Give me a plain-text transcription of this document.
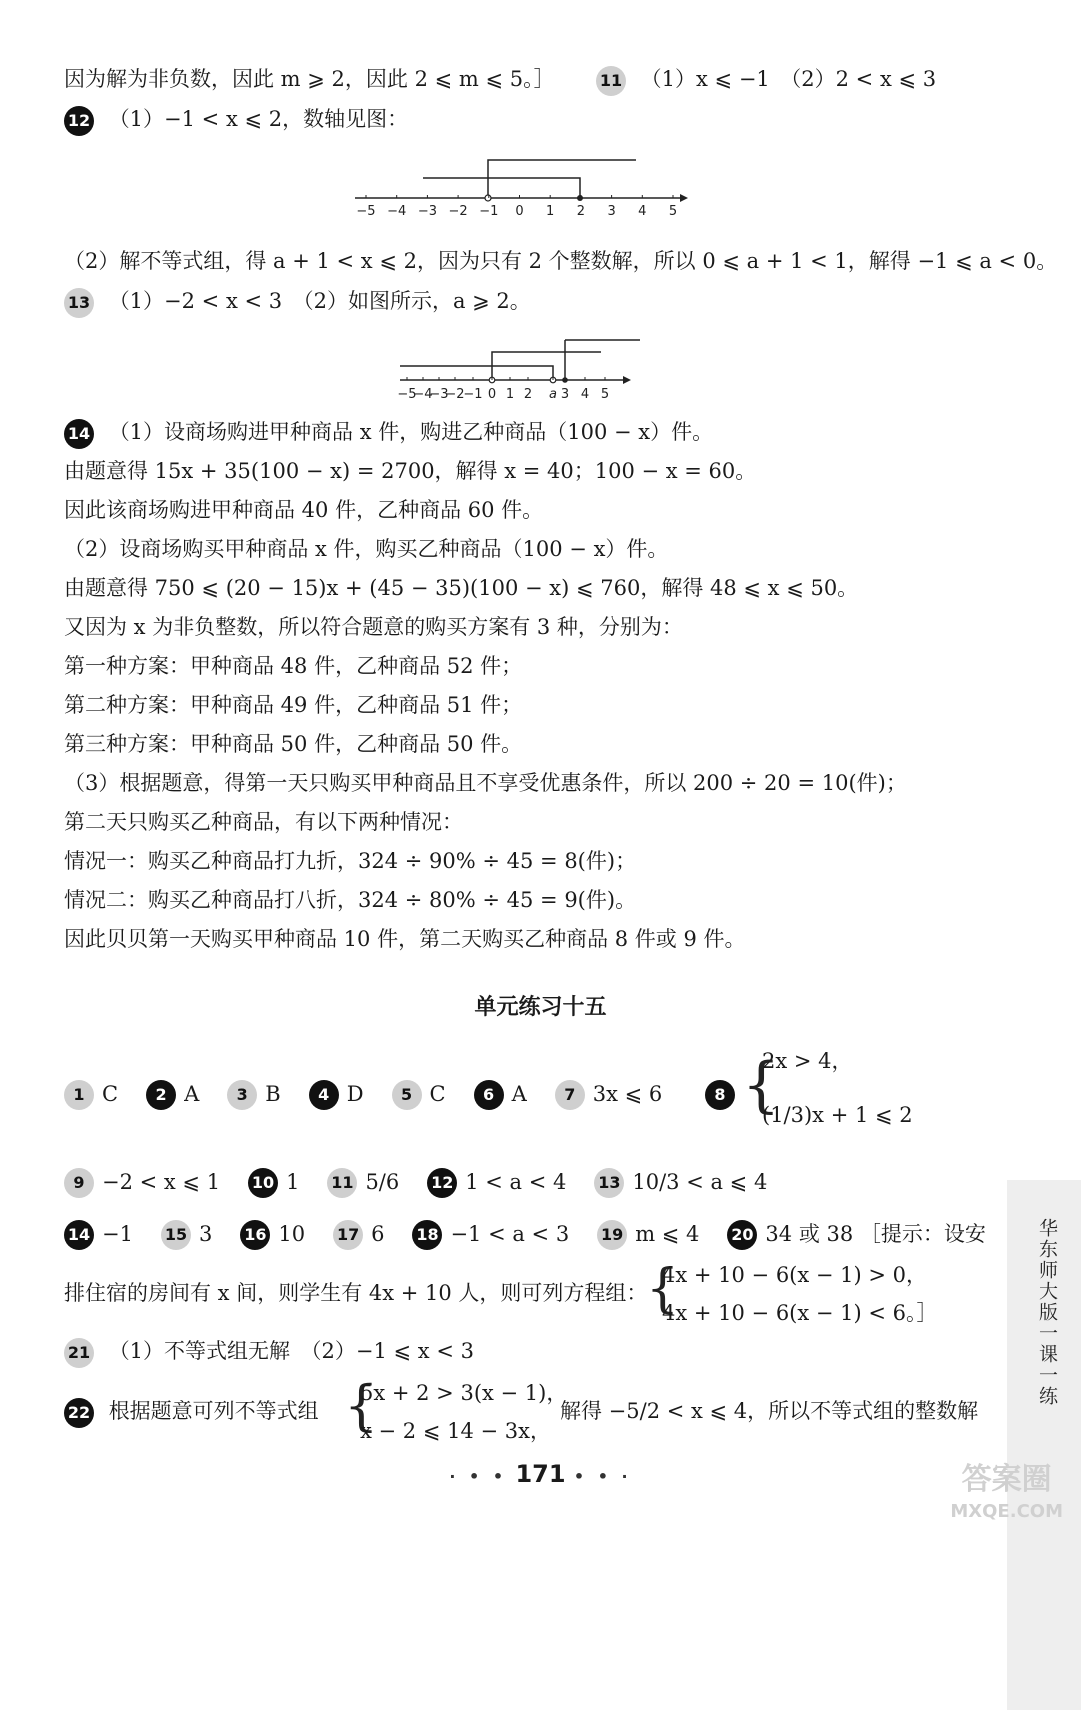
因为解为非负数，因此 m ⩾ 2，因此 2 ⩽ m ⩽ 5。］	11 （1）x ⩽ −1　（2）2 < x ⩽ 3
12 （1）−1 < x ⩽ 2，数轴见图：
−5 −4 −3 −2 −1 0 1 2 3 4 5
（2）解不等式组，得 a + 1 < x ⩽ 2，因为只有 2 个整数解，所以 0 ⩽ a + 1 < 1，解得 −1 ⩽ a < 0。
13 （1）−2 < x < 3　（2）如图所示，a ⩾ 2。
−5
−4
−3
−2
−1 0 1 2 a 3 4 5
14 （1）设商场购进甲种商品 x 件，购进乙种商品（100 − x）件。
由题意得 15x + 35(100 − x) = 2700，解得 x = 40；100 − x = 60。
因此该商场购进甲种商品 40 件，乙种商品 60 件。
（2）设商场购买甲种商品 x 件，购买乙种商品（100 − x）件。
由题意得 750 ⩽ (20 − 15)x + (45 − 35)(100 − x) ⩽ 760，解得 48 ⩽ x ⩽ 50。
又因为 x 为非负整数，所以符合题意的购买方案有 3 种，分别为：
第一种方案：甲种商品 48 件，乙种商品 52 件；
第二种方案：甲种商品 49 件，乙种商品 51 件；
第三种方案：甲种商品 50 件，乙种商品 50 件。
（3）根据题意，得第一天只购买甲种商品且不享受优惠条件，所以 200 ÷ 20 = 10(件)；
第二天只购买乙种商品，有以下两种情况：
情况一：购买乙种商品打九折，324 ÷ 90% ÷ 45 = 8(件)；
情况二：购买乙种商品打八折，324 ÷ 80% ÷ 45 = 9(件)。
因此贝贝第一天购买甲种商品 10 件，第二天购买乙种商品 8 件或 9 件。
单元练习十五
1 C 2 A 3 B 4 D 5 C 6 A 7 3x ⩽ 6	8 {
2x > 4，
(1/3)x + 1 ⩽ 2
9 −2 < x ⩽ 1 10 1 11 5/6 12 1 < a < 4 13 10/3 < a ⩽ 4
14 −1 15 3 16 10 17 6 18 −1 < a < 3 19 m ⩽ 4 20 34 或 38 ［提示：设安
排住宿的房间有 x 间，则学生有 4x + 10 人，则可列方程组：
{
4x + 10 − 6(x − 1) > 0，
4x + 10 − 6(x − 1) < 6。］
21 （1）不等式组无解　（2）−1 ⩽ x < 3
22 根据题意可列不等式组 {
5x + 2 > 3(x − 1)，
x − 2 ⩽ 14 − 3x，
解得 −5/2 < x ⩽ 4，所以不等式组的整数解
华东师大版一课一练
· • • 171 • • ·	答案圈
MXQE.COM
